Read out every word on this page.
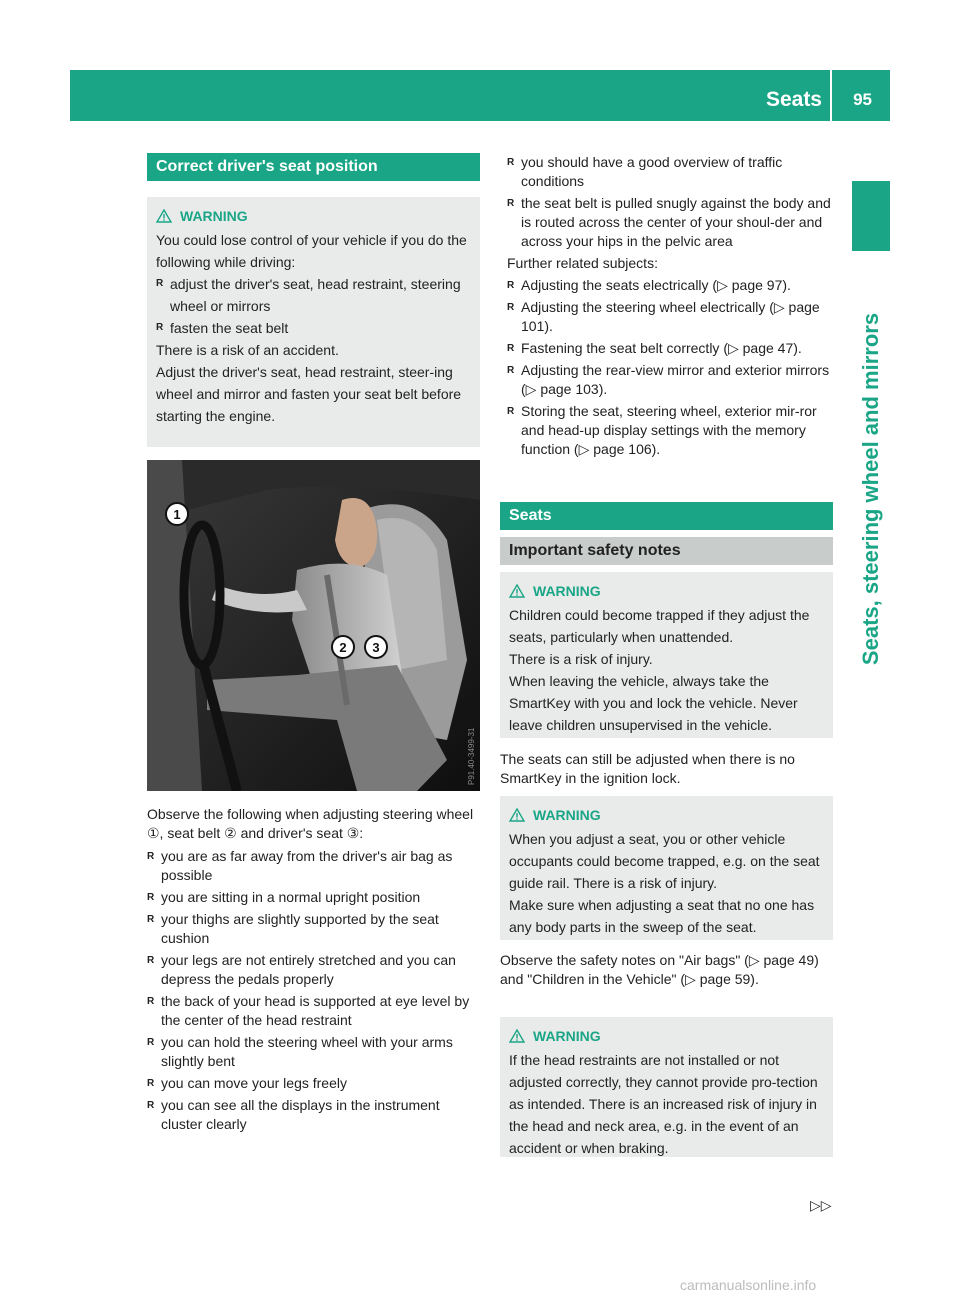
Seats 95
Seats, steering wheel and mirrors
Correct driver's seat position
WARNING

You could lose control of your vehicle if you do the following while driving:

R adjust the driver's seat, head restraint, steering wheel or mirrors
R fasten the seat belt

There is a risk of an accident.

Adjust the driver's seat, head restraint, steer-ing wheel and mirror and fasten your seat belt before starting the engine.

1
2 3
P91.40-3499-31
Observe the following when adjusting steering wheel ①, seat belt ② and driver's seat ③:
R you are as far away from the driver's air bag as possible
R you are sitting in a normal upright position
R your thighs are slightly supported by the seat cushion
R your legs are not entirely stretched and you can depress the pedals properly
R the back of your head is supported at eye level by the center of the head restraint
R you can hold the steering wheel with your arms slightly bent
R you can move your legs freely
R you can see all the displays in the instrument cluster clearly
R you should have a good overview of traffic conditions
R the seat belt is pulled snugly against the body and is routed across the center of your shoul-der and across your hips in the pelvic area
Further related subjects:
R Adjusting the seats electrically (▷ page 97).
R Adjusting the steering wheel electrically (▷ page 101).
R Fastening the seat belt correctly (▷ page 47).
R Adjusting the rear-view mirror and exterior mirrors (▷ page 103).
R Storing the seat, steering wheel, exterior mir-ror and head-up display settings with the memory function (▷ page 106).
Seats
Important safety notes
WARNING

Children could become trapped if they adjust the seats, particularly when unattended.

There is a risk of injury.

When leaving the vehicle, always take the SmartKey with you and lock the vehicle. Never leave children unsupervised in the vehicle.

The seats can still be adjusted when there is no SmartKey in the ignition lock.
WARNING

When you adjust a seat, you or other vehicle occupants could become trapped, e.g. on the seat guide rail. There is a risk of injury.

Make sure when adjusting a seat that no one has any body parts in the sweep of the seat.

Observe the safety notes on "Air bags" (▷ page 49) and "Children in the Vehicle" (▷ page 59).
WARNING

If the head restraints are not installed or not adjusted correctly, they cannot provide pro-tection as intended. There is an increased risk of injury in the head and neck area, e.g. in the event of an accident or when braking.

▷▷
carmanualsonline.info
